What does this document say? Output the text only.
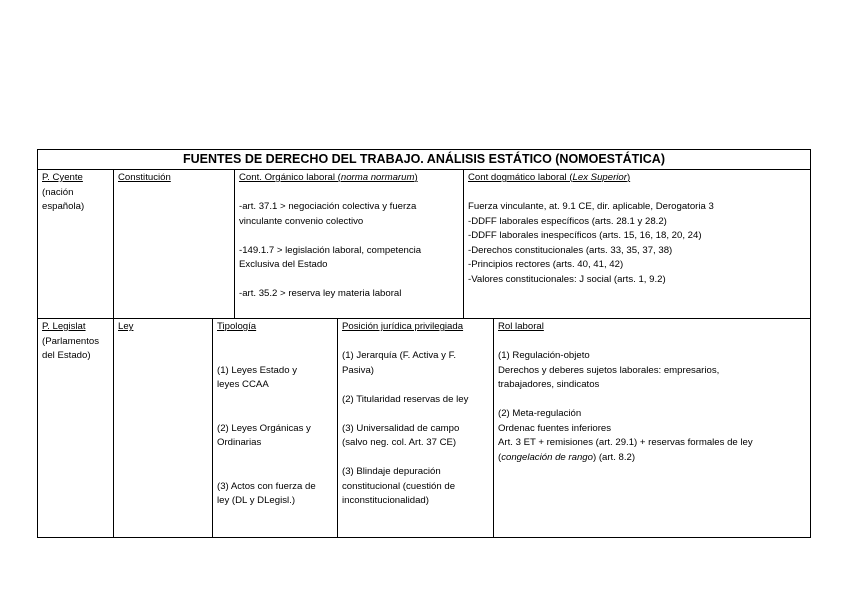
FUENTES DE DERECHO DEL TRABAJO. ANÁLISIS ESTÁTICO (NOMOESTÁTICA)
P. Cyente
(nación
española)
Constitución	Cont. Orgánico laboral (norma normarum)
-art. 37.1 > negociación colectiva y fuerza
vinculante convenio colectivo
-149.1.7 > legislación laboral, competencia
Exclusiva del Estado
-art. 35.2 > reserva ley materia laboral
Cont dogmático laboral (Lex Superior)
Fuerza vinculante, at. 9.1 CE, dir. aplicable, Derogatoria 3
-DDFF laborales específicos (arts. 28.1 y 28.2)
-DDFF laborales inespecíficos (arts. 15, 16, 18, 20, 24)
-Derechos constitucionales (arts. 33, 35, 37, 38)
-Principios rectores (arts. 40, 41, 42)
-Valores constitucionales: J social (arts. 1, 9.2)
P. Legislat
(Parlamentos
del Estado)
Ley	Tipología
(1) Leyes Estado y
leyes CCAA
(2) Leyes Orgánicas y
Ordinarias
(3) Actos con fuerza de
ley (DL y DLegisl.)
Posición jurídica privilegiada
(1) Jerarquía (F. Activa y F.
Pasiva)
(2) Titularidad reservas de ley
(3) Universalidad de campo
(salvo neg. col. Art. 37 CE)
(3) Blindaje depuración
constitucional (cuestión de
inconstitucionalidad)
Rol laboral
(1) Regulación-objeto
Derechos y deberes sujetos laborales: empresarios,
trabajadores, sindicatos
(2) Meta-regulación
Ordenac fuentes inferiores
Art. 3 ET + remisiones (art. 29.1) + reservas formales de ley
(congelación de rango) (art. 8.2)
